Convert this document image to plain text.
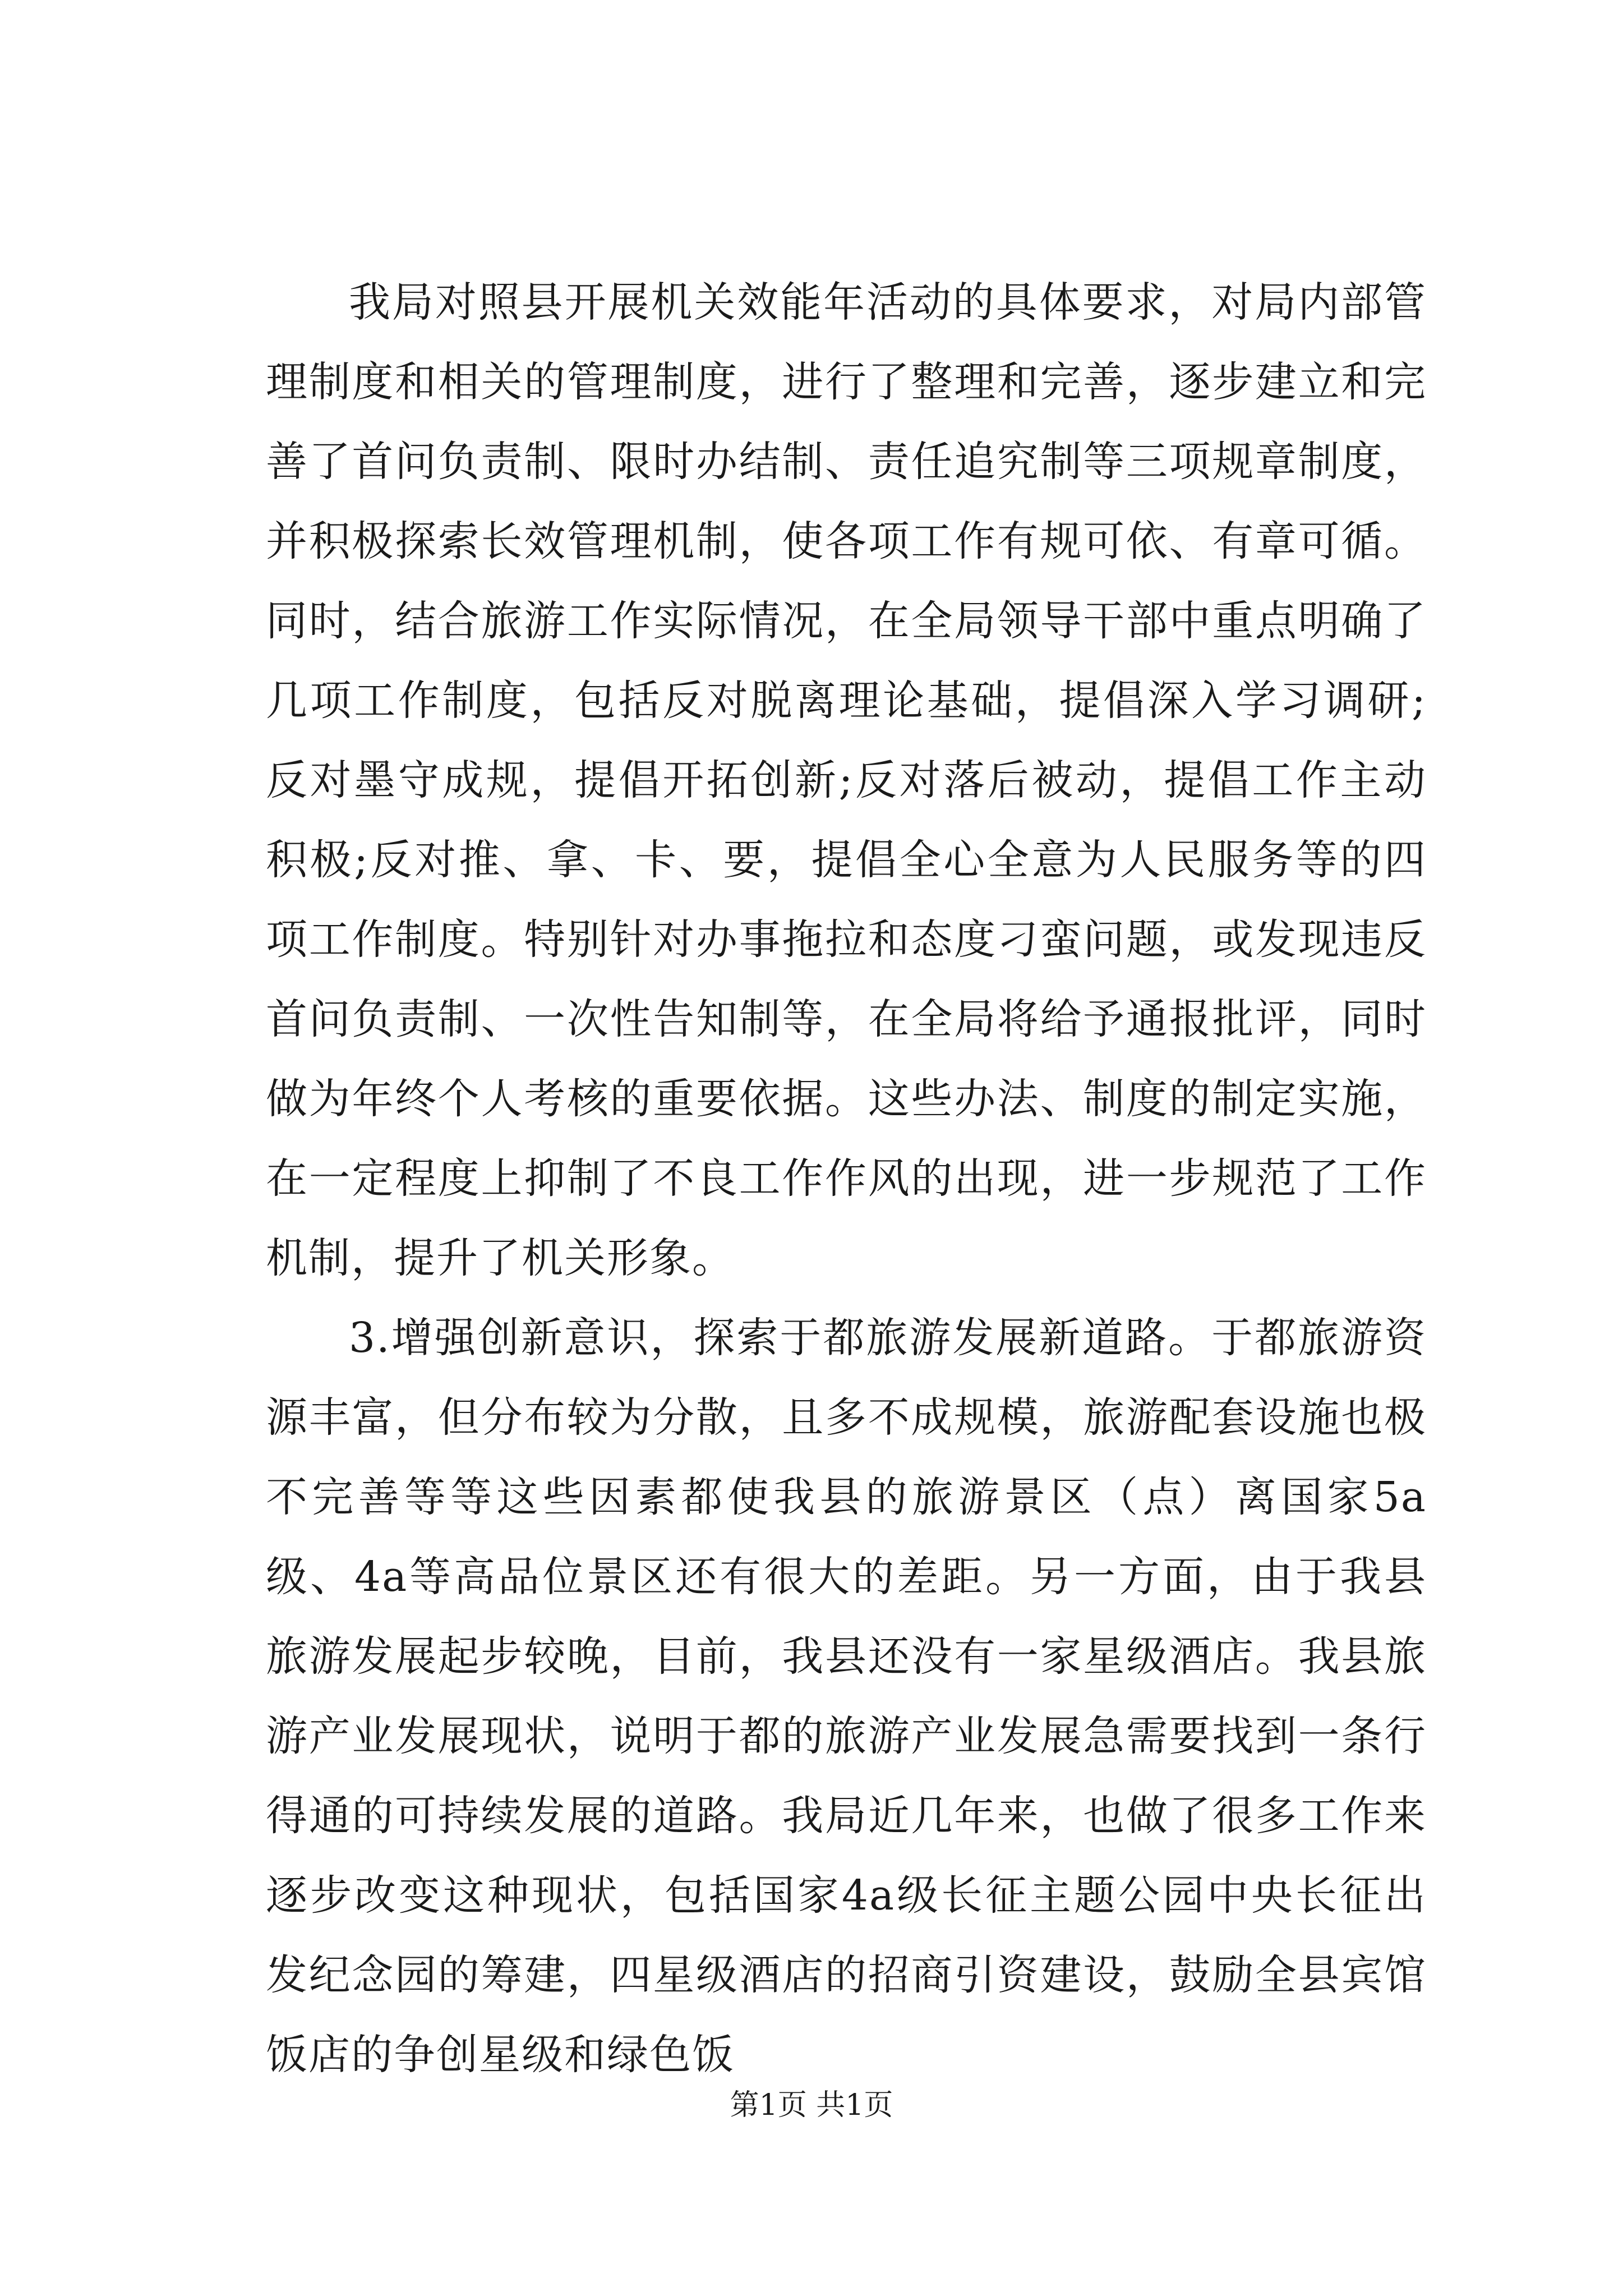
我局对照县开展机关效能年活动的具体要求，对局内部管理制度和相关的管理制度，进行了整理和完善，逐步建立和完善了首问负责制、限时办结制、责任追究制等三项规章制度，并积极探索长效管理机制，使各项工作有规可依、有章可循。同时，结合旅游工作实际情况，在全局领导干部中重点明确了几项工作制度，包括反对脱离理论基础，提倡深入学习调研;反对墨守成规，提倡开拓创新;反对落后被动，提倡工作主动积极;反对推、拿、卡、要，提倡全心全意为人民服务等的四项工作制度。特别针对办事拖拉和态度刁蛮问题，或发现违反首问负责制、一次性告知制等，在全局将给予通报批评，同时做为年终个人考核的重要依据。这些办法、制度的制定实施，在一定程度上抑制了不良工作作风的出现，进一步规范了工作机制，提升了机关形象。

3.增强创新意识，探索于都旅游发展新道路。于都旅游资源丰富，但分布较为分散，且多不成规模，旅游配套设施也极不完善等等这些因素都使我县的旅游景区（点）离国家5a级、4a等高品位景区还有很大的差距。另一方面，由于我县旅游发展起步较晚，目前，我县还没有一家星级酒店。我县旅游产业发展现状，说明于都的旅游产业发展急需要找到一条行得通的可持续发展的道路。我局近几年来，也做了很多工作来逐步改变这种现状，包括国家4a级长征主题公园中央长征出发纪念园的筹建，四星级酒店的招商引资建设，鼓励全县宾馆饭店的争创星级和绿色饭

第1页 共1页
